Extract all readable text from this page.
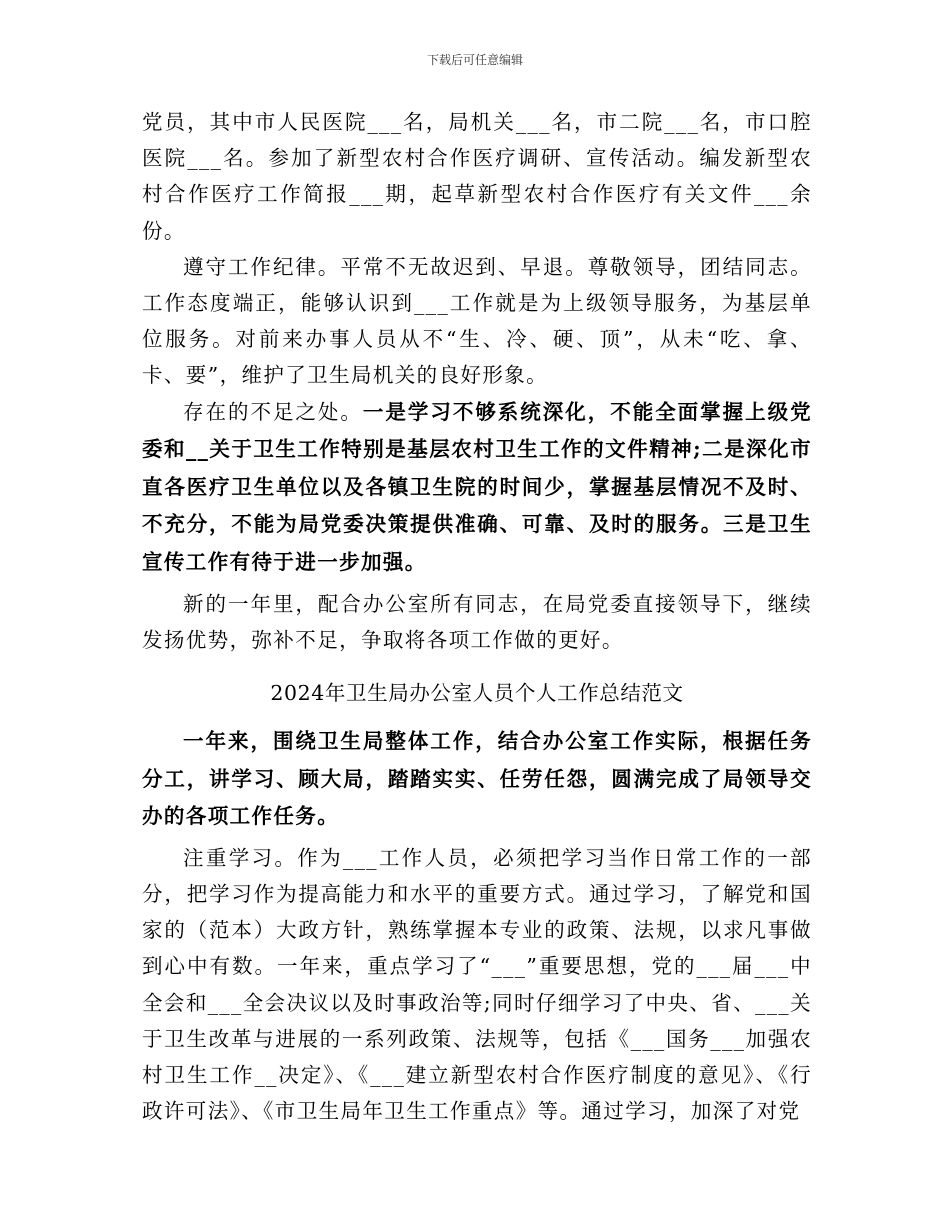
下载后可任意编辑

党员，其中市人民医院___名，局机关___名，市二院___名，市口腔医院___名。参加了新型农村合作医疗调研、宣传活动。编发新型农村合作医疗工作简报___期，起草新型农村合作医疗有关文件___余份。

遵守工作纪律。平常不无故迟到、早退。尊敬领导，团结同志。工作态度端正，能够认识到___工作就是为上级领导服务，为基层单位服务。对前来办事人员从不“生、冷、硬、顶”，从未“吃、拿、卡、要”，维护了卫生局机关的良好形象。

存在的不足之处。一是学习不够系统深化，不能全面掌握上级党委和__关于卫生工作特别是基层农村卫生工作的文件精神;二是深化市直各医疗卫生单位以及各镇卫生院的时间少，掌握基层情况不及时、不充分，不能为局党委决策提供准确、可靠、及时的服务。三是卫生宣传工作有待于进一步加强。

新的一年里，配合办公室所有同志，在局党委直接领导下，继续发扬优势，弥补不足，争取将各项工作做的更好。

2024年卫生局办公室人员个人工作总结范文

一年来，围绕卫生局整体工作，结合办公室工作实际，根据任务分工，讲学习、顾大局，踏踏实实、任劳任怨，圆满完成了局领导交办的各项工作任务。

注重学习。作为___工作人员，必须把学习当作日常工作的一部分，把学习作为提高能力和水平的重要方式。通过学习，了解党和国家的（范本）大政方针，熟练掌握本专业的政策、法规，以求凡事做到心中有数。一年来，重点学习了“___”重要思想，党的___届___中全会和___全会决议以及时事政治等;同时仔细学习了中央、省、___关于卫生改革与进展的一系列政策、法规等，包括《___国务___加强农村卫生工作__决定》、《___建立新型农村合作医疗制度的意见》、《行政许可法》、《市卫生局年卫生工作重点》等。通过学习，加深了对党
